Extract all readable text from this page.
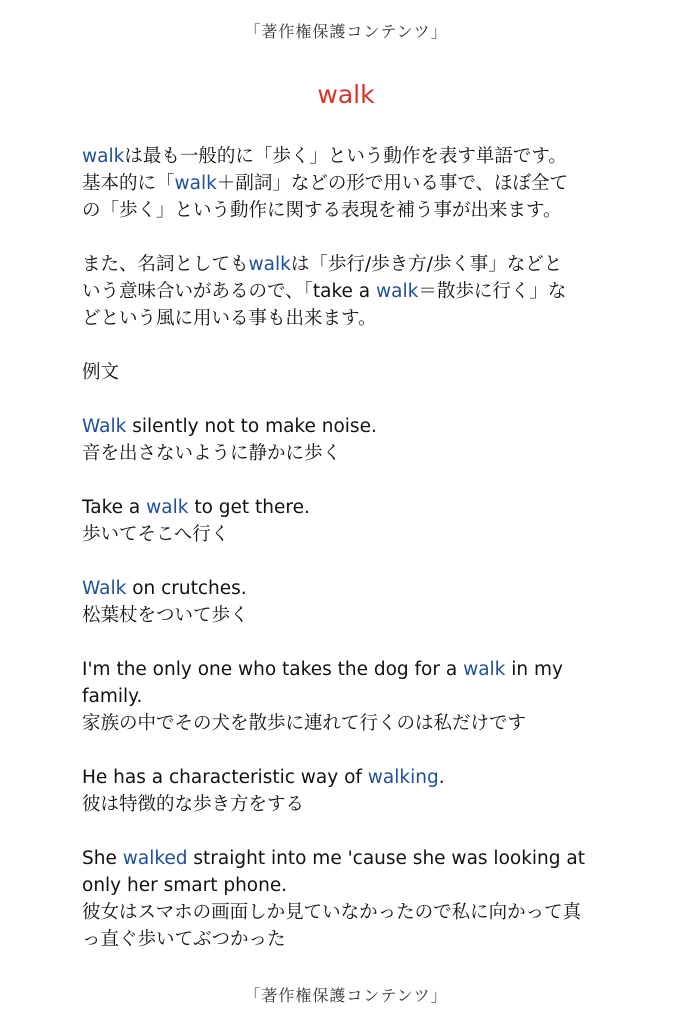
「著作権保護コンテンツ」
walk

walkは最も一般的に「歩く」という動作を表す単語です。

基本的に「walk＋副詞」などの形で用いる事で、ほぼ全て

の「歩く」という動作に関する表現を補う事が出来ます。

また、名詞としてもwalkは「歩行/歩き方/歩く事」などと

いう意味合いがあるので、「take a walk＝散歩に行く」な

どという風に用いる事も出来ます。

例文

Walk silently not to make noise.

音を出さないように静かに歩く

Take a walk to get there.

歩いてそこへ行く

Walk on crutches.

松葉杖をついて歩く

I'm the only one who takes the dog for a walk in my

family.

家族の中でその犬を散歩に連れて行くのは私だけです

He has a characteristic way of walking.

彼は特徴的な歩き方をする

She walked straight into me 'cause she was looking at

only her smart phone.

彼女はスマホの画面しか見ていなかったので私に向かって真

っ直ぐ歩いてぶつかった

「著作権保護コンテンツ」
